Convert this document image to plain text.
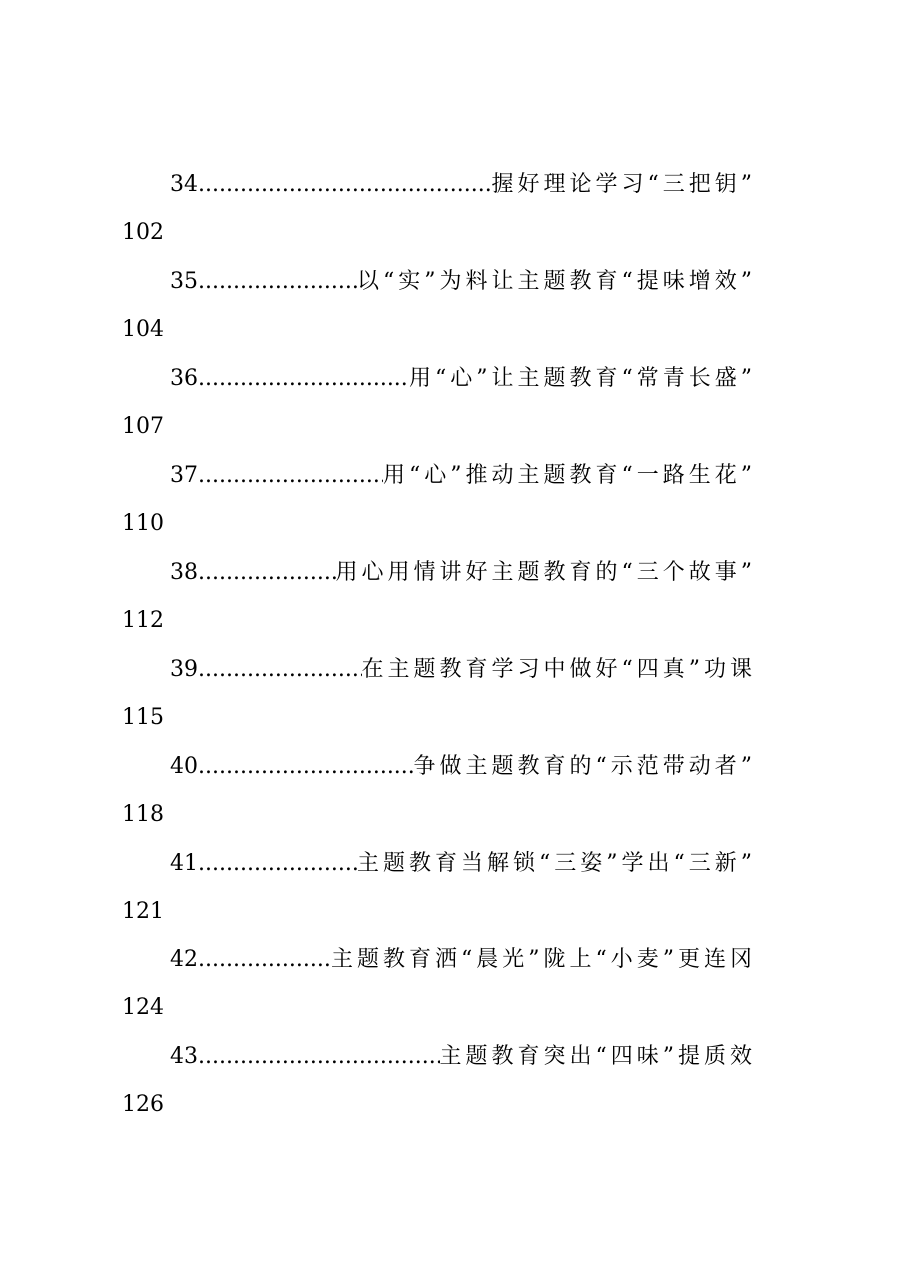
34 .....	握好理论学习“三把钥”
102
35 .....	以“实”为料让主题教育“提味增效”
104
36 .....	用“心”让主题教育“常青长盛”
107
37 .....	用“心”推动主题教育“一路生花”
110
38 .....	用心用情讲好主题教育的“三个故事”
112
39 .....	在主题教育学习中做好“四真”功课
115
40 .....	争做主题教育的“示范带动者”
118
41 .....	主题教育当解锁“三姿”学出“三新”
121
42 .....	主题教育洒“晨光”陇上“小麦”更连冈
124
43 .....	主题教育突出“四味”提质效
126
